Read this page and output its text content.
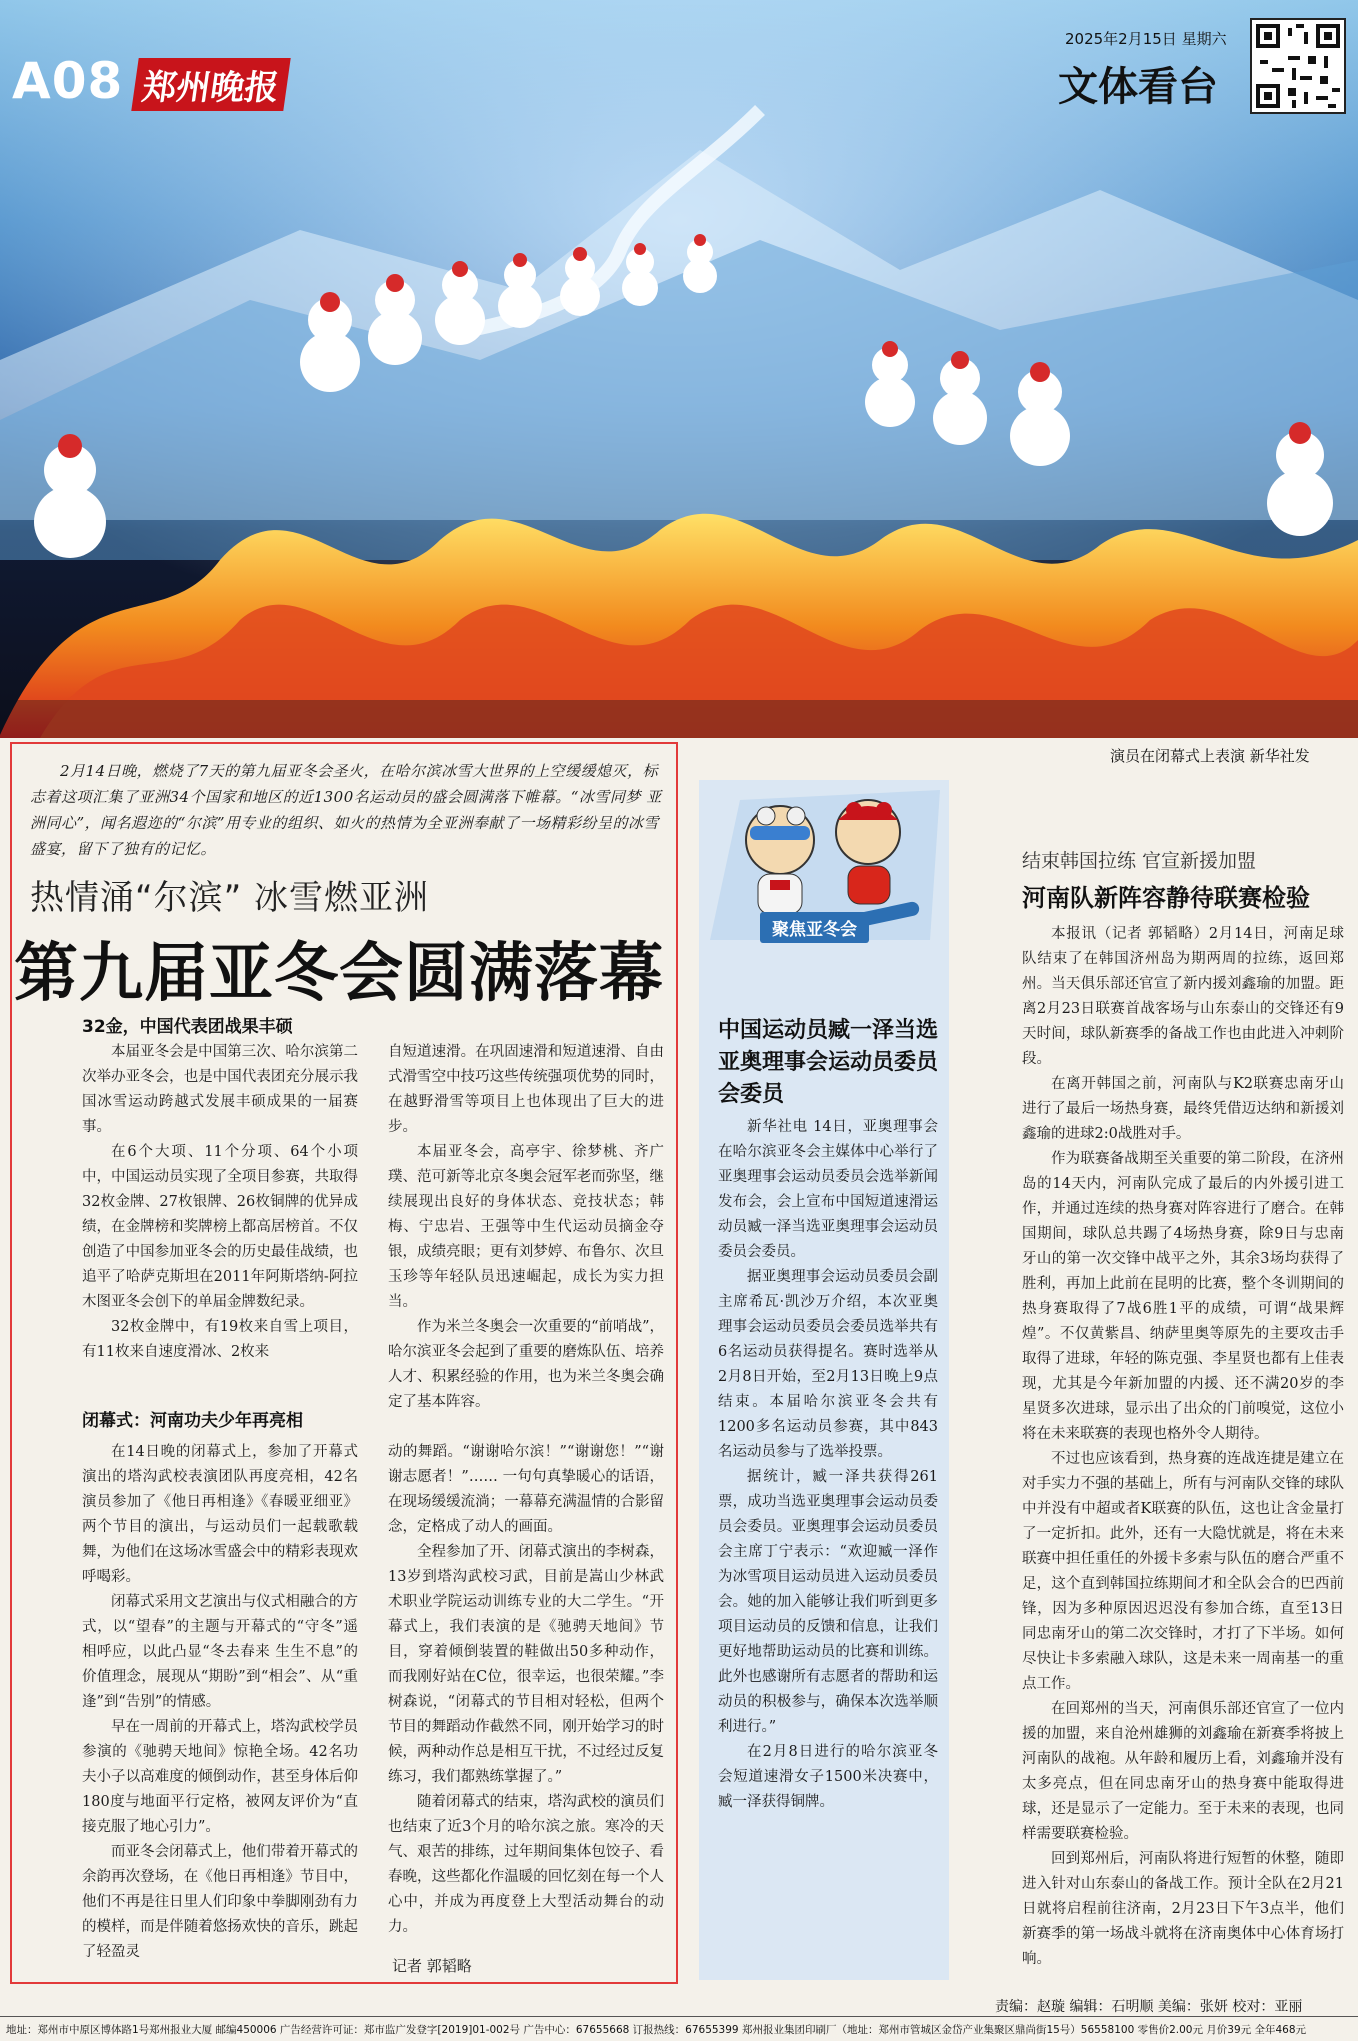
A08 郑州晚报
2025年2月15日 星期六
文体看台
演员在闭幕式上表演 新华社发
2月14日晚，燃烧了7天的第九届亚冬会圣火，在哈尔滨冰雪大世界的上空缓缓熄灭，标志着这项汇集了亚洲34个国家和地区的近1300名运动员的盛会圆满落下帷幕。“冰雪同梦 亚洲同心”，闻名遐迩的“尔滨”用专业的组织、如火的热情为全亚洲奉献了一场精彩纷呈的冰雪盛宴，留下了独有的记忆。
热情涌“尔滨” 冰雪燃亚洲
第九届亚冬会圆满落幕
32金，中国代表团战果丰硕

本届亚冬会是中国第三次、哈尔滨第二次举办亚冬会，也是中国代表团充分展示我国冰雪运动跨越式发展丰硕成果的一届赛事。

在6个大项、11个分项、64个小项中，中国运动员实现了全项目参赛，共取得32枚金牌、27枚银牌、26枚铜牌的优异成绩，在金牌榜和奖牌榜上都高居榜首。不仅创造了中国参加亚冬会的历史最佳战绩，也追平了哈萨克斯坦在2011年阿斯塔纳-阿拉木图亚冬会创下的单届金牌数纪录。

32枚金牌中，有19枚来自雪上项目，有11枚来自速度滑冰、2枚来

自短道速滑。在巩固速滑和短道速滑、自由式滑雪空中技巧这些传统强项优势的同时，在越野滑雪等项目上也体现出了巨大的进步。

本届亚冬会，高亭宇、徐梦桃、齐广璞、范可新等北京冬奥会冠军老而弥坚，继续展现出良好的身体状态、竞技状态；韩梅、宁忠岩、王强等中生代运动员摘金夺银，成绩亮眼；更有刘梦婷、布鲁尔、次旦玉珍等年轻队员迅速崛起，成长为实力担当。

作为米兰冬奥会一次重要的“前哨战”，哈尔滨亚冬会起到了重要的磨炼队伍、培养人才、积累经验的作用，也为米兰冬奥会确定了基本阵容。

闭幕式：河南功夫少年再亮相

在14日晚的闭幕式上，参加了开幕式演出的塔沟武校表演团队再度亮相，42名演员参加了《他日再相逢》《春暖亚细亚》两个节目的演出，与运动员们一起载歌载舞，为他们在这场冰雪盛会中的精彩表现欢呼喝彩。

闭幕式采用文艺演出与仪式相融合的方式，以“望春”的主题与开幕式的“守冬”遥相呼应，以此凸显“冬去春来 生生不息”的价值理念，展现从“期盼”到“相会”、从“重逢”到“告别”的情感。

早在一周前的开幕式上，塔沟武校学员参演的《驰骋天地间》惊艳全场。42名功夫小子以高难度的倾倒动作，甚至身体后仰180度与地面平行定格，被网友评价为“直接克服了地心引力”。

而亚冬会闭幕式上，他们带着开幕式的余韵再次登场，在《他日再相逢》节目中，他们不再是往日里人们印象中拳脚刚劲有力的模样，而是伴随着悠扬欢快的音乐，跳起了轻盈灵

动的舞蹈。“谢谢哈尔滨！”“谢谢您！”“谢谢志愿者！”…… 一句句真挚暖心的话语，在现场缓缓流淌；一幕幕充满温情的合影留念，定格成了动人的画面。

全程参加了开、闭幕式演出的李树森，13岁到塔沟武校习武，目前是嵩山少林武术职业学院运动训练专业的大二学生。“开幕式上，我们表演的是《驰骋天地间》节目，穿着倾倒装置的鞋做出50多种动作，而我刚好站在C位，很幸运，也很荣耀。”李树森说，“闭幕式的节目相对轻松，但两个节目的舞蹈动作截然不同，刚开始学习的时候，两种动作总是相互干扰，不过经过反复练习，我们都熟练掌握了。”

随着闭幕式的结束，塔沟武校的演员们也结束了近3个月的哈尔滨之旅。寒冷的天气、艰苦的排练，过年期间集体包饺子、看春晚，这些都化作温暖的回忆刻在每一个人心中，并成为再度登上大型活动舞台的动力。

记者 郭韬略
聚焦亚冬会
中国运动员臧一泽当选亚奥理事会运动员委员会委员

新华社电 14日，亚奥理事会在哈尔滨亚冬会主媒体中心举行了亚奥理事会运动员委员会选举新闻发布会，会上宣布中国短道速滑运动员臧一泽当选亚奥理事会运动员委员会委员。

据亚奥理事会运动员委员会副主席希瓦·凯沙万介绍，本次亚奥理事会运动员委员会委员选举共有6名运动员获得提名。赛时选举从2月8日开始，至2月13日晚上9点结束。本届哈尔滨亚冬会共有1200多名运动员参赛，其中843名运动员参与了选举投票。

据统计，臧一泽共获得261票，成功当选亚奥理事会运动员委员会委员。亚奥理事会运动员委员会主席丁宁表示：“欢迎臧一泽作为冰雪项目运动员进入运动员委员会。她的加入能够让我们听到更多项目运动员的反馈和信息，让我们更好地帮助运动员的比赛和训练。此外也感谢所有志愿者的帮助和运动员的积极参与，确保本次选举顺利进行。”

在2月8日进行的哈尔滨亚冬会短道速滑女子1500米决赛中，臧一泽获得铜牌。

结束韩国拉练 官宣新援加盟
河南队新阵容静待联赛检验

本报讯（记者 郭韬略）2月14日，河南足球队结束了在韩国济州岛为期两周的拉练，返回郑州。当天俱乐部还官宣了新内援刘鑫瑜的加盟。距离2月23日联赛首战客场与山东泰山的交锋还有9天时间，球队新赛季的备战工作也由此进入冲刺阶段。

在离开韩国之前，河南队与K2联赛忠南牙山进行了最后一场热身赛，最终凭借迈达纳和新援刘鑫瑜的进球2:0战胜对手。

作为联赛备战期至关重要的第二阶段，在济州岛的14天内，河南队完成了最后的内外援引进工作，并通过连续的热身赛对阵容进行了磨合。在韩国期间，球队总共踢了4场热身赛，除9日与忠南牙山的第一次交锋中战平之外，其余3场均获得了胜利，再加上此前在昆明的比赛，整个冬训期间的热身赛取得了7战6胜1平的成绩，可谓“战果辉煌”。不仅黄紫昌、纳萨里奥等原先的主要攻击手取得了进球，年轻的陈克强、李星贤也都有上佳表现，尤其是今年新加盟的内援、还不满20岁的李星贤多次进球，显示出了出众的门前嗅觉，这位小将在未来联赛的表现也格外令人期待。

不过也应该看到，热身赛的连战连捷是建立在对手实力不强的基础上，所有与河南队交锋的球队中并没有中超或者K联赛的队伍，这也让含金量打了一定折扣。此外，还有一大隐忧就是，将在未来联赛中担任重任的外援卡多索与队伍的磨合严重不足，这个直到韩国拉练期间才和全队会合的巴西前锋，因为多种原因迟迟没有参加合练，直至13日同忠南牙山的第二次交锋时，才打了下半场。如何尽快让卡多索融入球队，这是未来一周南基一的重点工作。

在回郑州的当天，河南俱乐部还官宣了一位内援的加盟，来自沧州雄狮的刘鑫瑜在新赛季将披上河南队的战袍。从年龄和履历上看，刘鑫瑜并没有太多亮点，但在同忠南牙山的热身赛中能取得进球，还是显示了一定能力。至于未来的表现，也同样需要联赛检验。

回到郑州后，河南队将进行短暂的休整，随即进入针对山东泰山的备战工作。预计全队在2月21日就将启程前往济南，2月23日下午3点半，他们新赛季的第一场战斗就将在济南奥体中心体育场打响。

责编：赵璇 编辑：石明顺 美编：张妍 校对：亚丽
地址：郑州市中原区博体路1号郑州报业大厦 邮编450006 广告经营许可证：郑市监广发登字[2019]01-002号 广告中心：67655668 订报热线：67655399 郑州报业集团印刷厂（地址：郑州市管城区金岱产业集聚区鼎尚街15号）56558100 零售价2.00元 月价39元 全年468元
